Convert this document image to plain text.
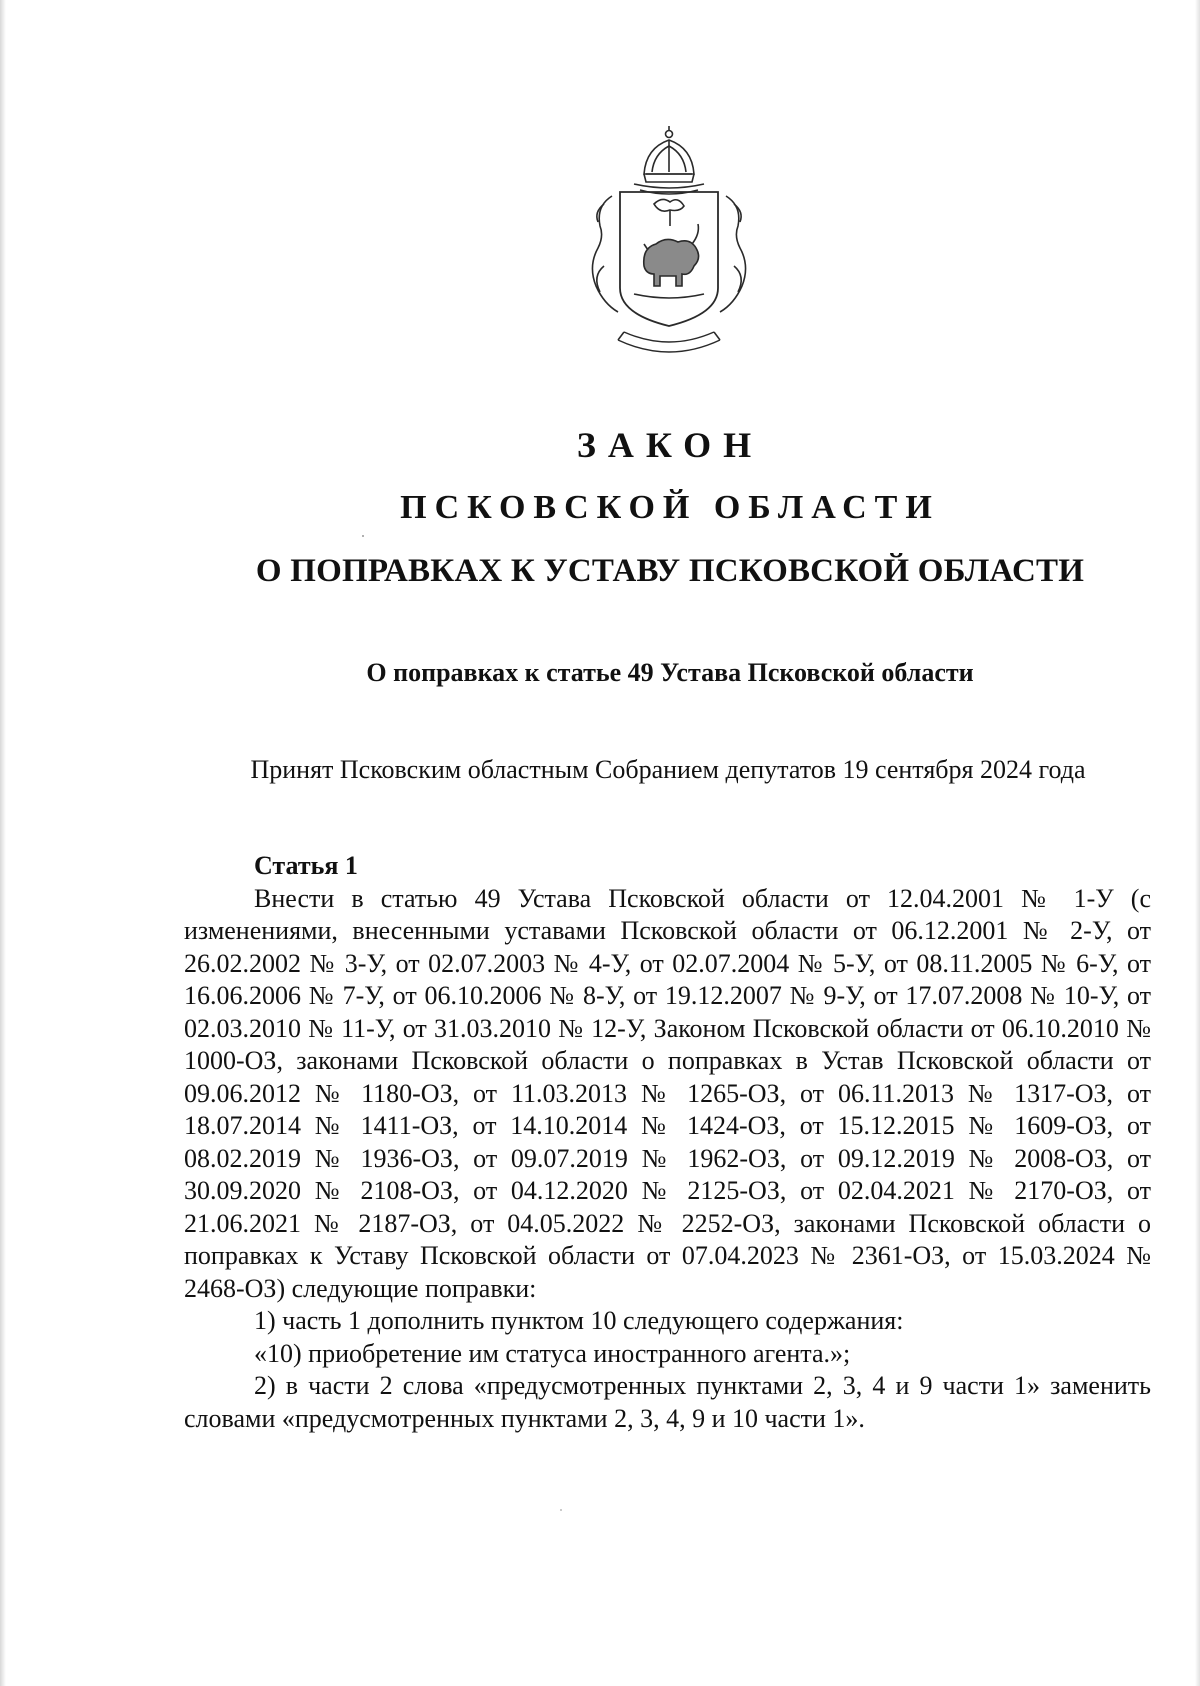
ЗАКОН
ПСКОВСКОЙ ОБЛАСТИ
О ПОПРАВКАХ К УСТАВУ ПСКОВСКОЙ ОБЛАСТИ
О поправках к статье 49 Устава Псковской области

Принят Псковским областным Собранием депутатов 19 сентября 2024 года

Статья 1

Внести в статью 49 Устава Псковской области от 12.04.2001 № 1-У (с изменениями, внесенными уставами Псковской области от 06.12.2001 № 2-У, от 26.02.2002 № 3-У, от 02.07.2003 № 4-У, от 02.07.2004 № 5-У, от 08.11.2005 № 6-У, от 16.06.2006 № 7-У, от 06.10.2006 № 8-У, от 19.12.2007 № 9-У, от 17.07.2008 № 10-У, от 02.03.2010 № 11-У, от 31.03.2010 № 12-У, Законом Псковской области от 06.10.2010 № 1000-ОЗ, законами Псковской области о поправках в Устав Псковской области от 09.06.2012 № 1180-ОЗ, от 11.03.2013 № 1265-ОЗ, от 06.11.2013 № 1317-ОЗ, от 18.07.2014 № 1411-ОЗ, от 14.10.2014 № 1424-ОЗ, от 15.12.2015 № 1609-ОЗ, от 08.02.2019 № 1936-ОЗ, от 09.07.2019 № 1962-ОЗ, от 09.12.2019 № 2008-ОЗ, от 30.09.2020 № 2108-ОЗ, от 04.12.2020 № 2125-ОЗ, от 02.04.2021 № 2170-ОЗ, от 21.06.2021 № 2187-ОЗ, от 04.05.2022 № 2252-ОЗ, законами Псковской области о поправках к Уставу Псковской области от 07.04.2023 № 2361-ОЗ, от 15.03.2024 № 2468-ОЗ) следующие поправки:

1) часть 1 дополнить пунктом 10 следующего содержания:

«10) приобретение им статуса иностранного агента.»;

2) в части 2 слова «предусмотренных пунктами 2, 3, 4 и 9 части 1» заменить словами «предусмотренных пунктами 2, 3, 4, 9 и 10 части 1».
